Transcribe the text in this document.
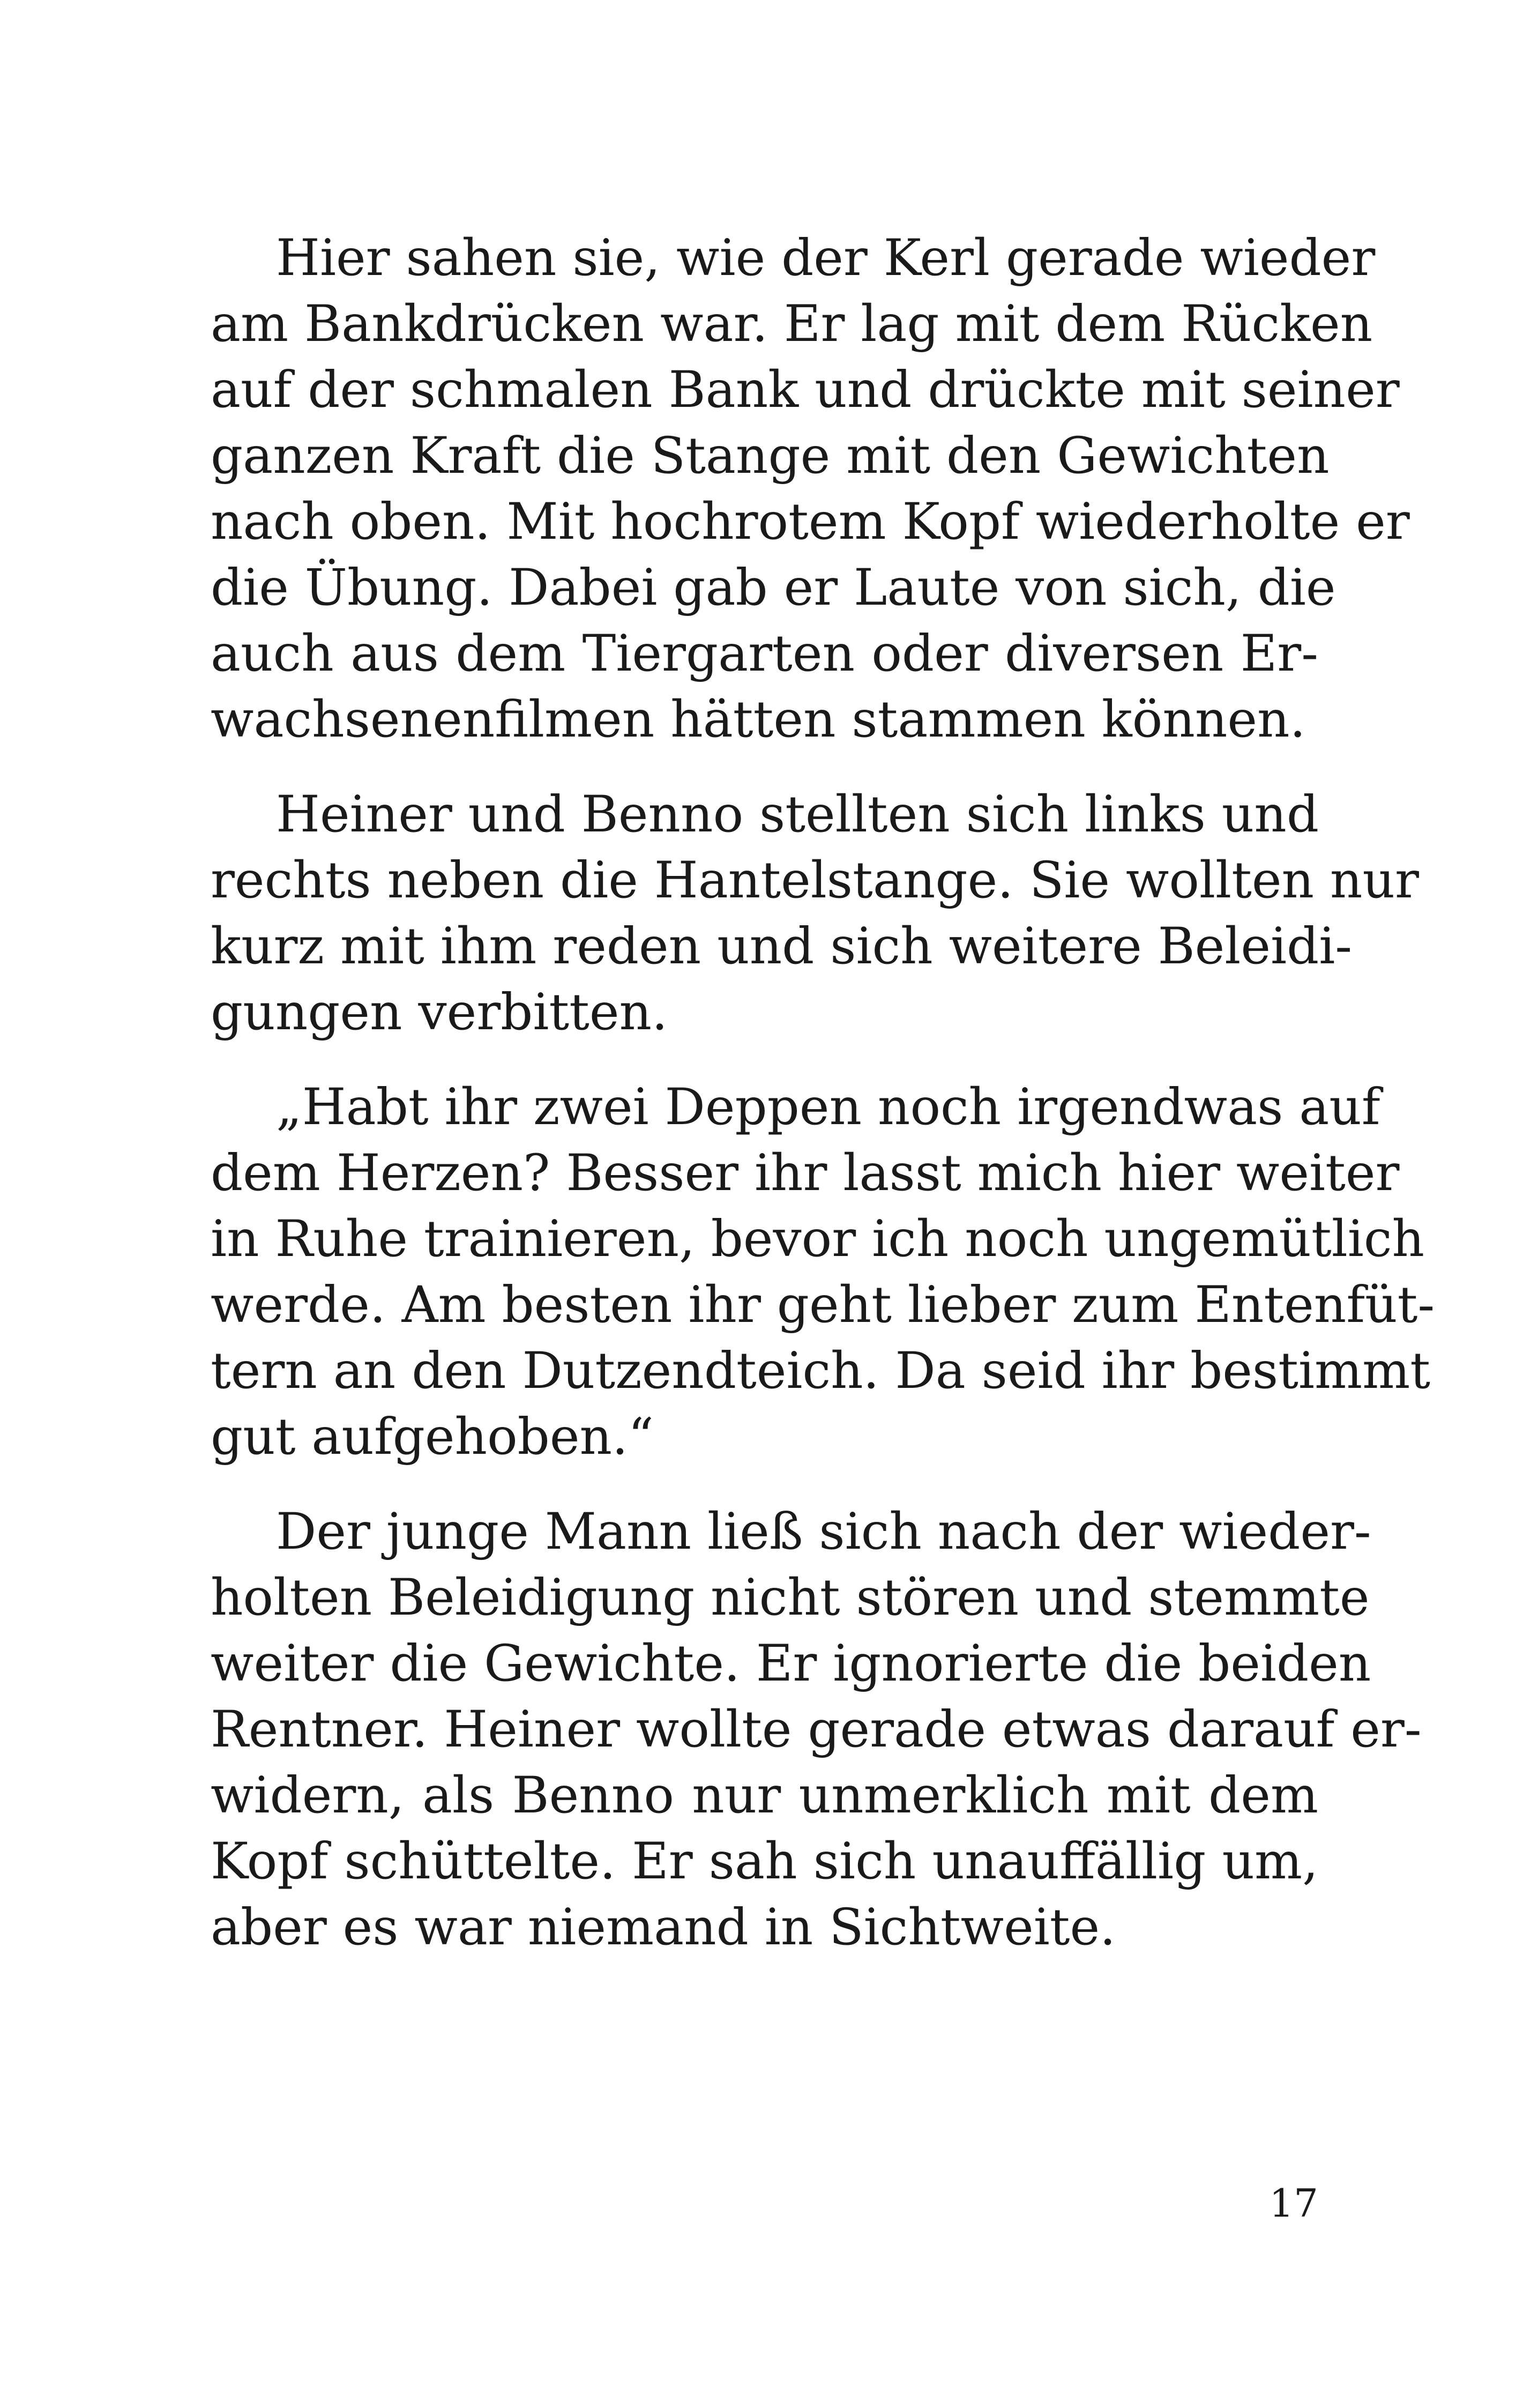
Hier sahen sie, wie der Kerl gerade wieder
am Bankdrücken war. Er lag mit dem Rücken
auf der schmalen Bank und drückte mit seiner
ganzen Kraft die Stange mit den Gewichten
nach oben. Mit hochrotem Kopf wiederholte er
die Übung. Dabei gab er Laute von sich, die
auch aus dem Tiergarten oder diversen Er-
wachsenenfilmen hätten stammen können.

Heiner und Benno stellten sich links und
rechts neben die Hantelstange. Sie wollten nur
kurz mit ihm reden und sich weitere Beleidi-
gungen verbitten.

„Habt ihr zwei Deppen noch irgendwas auf
dem Herzen? Besser ihr lasst mich hier weiter
in Ruhe trainieren, bevor ich noch ungemütlich
werde. Am besten ihr geht lieber zum Entenfüt-
tern an den Dutzendteich. Da seid ihr bestimmt
gut aufgehoben.“

Der junge Mann ließ sich nach der wieder-
holten Beleidigung nicht stören und stemmte
weiter die Gewichte. Er ignorierte die beiden
Rentner. Heiner wollte gerade etwas darauf er-
widern, als Benno nur unmerklich mit dem
Kopf schüttelte. Er sah sich unauffällig um,
aber es war niemand in Sichtweite.

17
